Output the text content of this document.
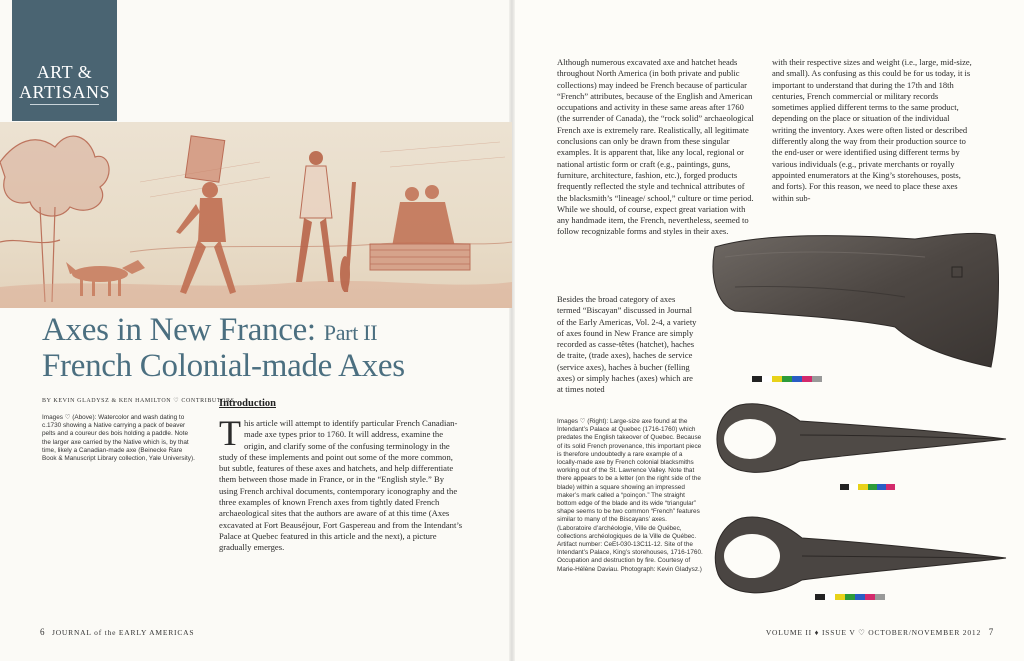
ART &
ARTISANS
Axes in New France: Part II
French Colonial-made Axes
BY KEVIN GLADYSZ & KEN HAMILTON ♡ CONTRIBUTORS
Images ♡ (Above): Watercolor and wash dating to c.1730 showing a Native carrying a pack of beaver pelts and a coureur des bois holding a paddle. Note the larger axe carried by the Native which is, by that time, likely a Canadian-made axe (Beinecke Rare Book & Manuscript Library collection, Yale University).
Introduction
This article will attempt to identify particular French Canadian-made axe types prior to 1760. It will address, examine the origin, and clarify some of the confusing terminology in the study of these implements and point out some of the more common, but subtle, features of these axes and hatchets, and help differentiate them between those made in France, or in the “English style.” By using French archival documents, contemporary iconography and the three examples of known French axes from tightly dated French archaeological sites that the authors are aware of at this time (Axes excavated at Fort Beauséjour, Fort Gaspereau and from the Intendant’s Palace at Quebec featured in this article and the next), a picture gradually emerges.
Although numerous excavated axe and hatchet heads throughout North America (in both private and public collections) may indeed be French because of particular “French” attributes, because of the English and American occupations and activity in these same areas after 1760 (the surrender of Canada), the “rock solid” archaeological French axe is extremely rare. Realistically, all legitimate conclusions can only be drawn from these singular examples. It is apparent that, like any local, regional or national artistic form or craft (e.g., paintings, guns, furniture, architecture, fashion, etc.), forged products frequently reflected the style and technical attributes of the blacksmith’s “lineage/ school,” culture or time period. While we should, of course, expect great variation with any handmade item, the French, nevertheless, seemed to follow recognizable forms and styles in their axes.
Besides the broad category of axes termed “Biscayan” discussed in Journal of the Early Americas, Vol. 2-4, a variety of axes found in New France are simply recorded as casse-têtes (hatchet), haches de traite, (trade axes), haches de service (service axes), haches à bucher (felling axes) or simply haches (axes) which are at times noted
with their respective sizes and weight (i.e., large, mid-size, and small). As confusing as this could be for us today, it is important to understand that during the 17th and 18th centuries, French commercial or military records sometimes applied different terms to the same product, depending on the place or situation of the individual writing the inventory. Axes were often listed or described differently along the way from their production source to the end-user or were identified using different terms by various individuals (e.g., private merchants or royally appointed enumerators at the King’s storehouses, posts, and forts). For this reason, we need to place these axes within sub-
Images ♡ (Right): Large-size axe found at the Intendant’s Palace at Quebec (1716-1760) which predates the English takeover of Quebec. Because of its solid French provenance, this important piece is therefore undoubtedly a rare example of a locally-made axe by French colonial blacksmiths working out of the St. Lawrence Valley. Note that there appears to be a letter (on the right side of the blade) within a square showing an impressed maker’s mark called a “poinçon.” The straight bottom edge of the blade and its wide “triangular” shape seems to be two common “French” features similar to many of the Biscayans’ axes. (Laboratoire d’archéologie, Ville de Québec, collections archéologiques de la Ville de Québec. Artifact number: CeEt-030-13C11-12. Site of the Intendant’s Palace, King’s storehouses, 1716-1760. Occupation and destruction by fire. Courtesy of Marie-Hélène Daviau. Photograph: Kevin Gladysz.)
6 JOURNAL of the EARLY AMERICAS	VOLUME II ♦ ISSUE V ♡ OCTOBER/NOVEMBER 2012 7
